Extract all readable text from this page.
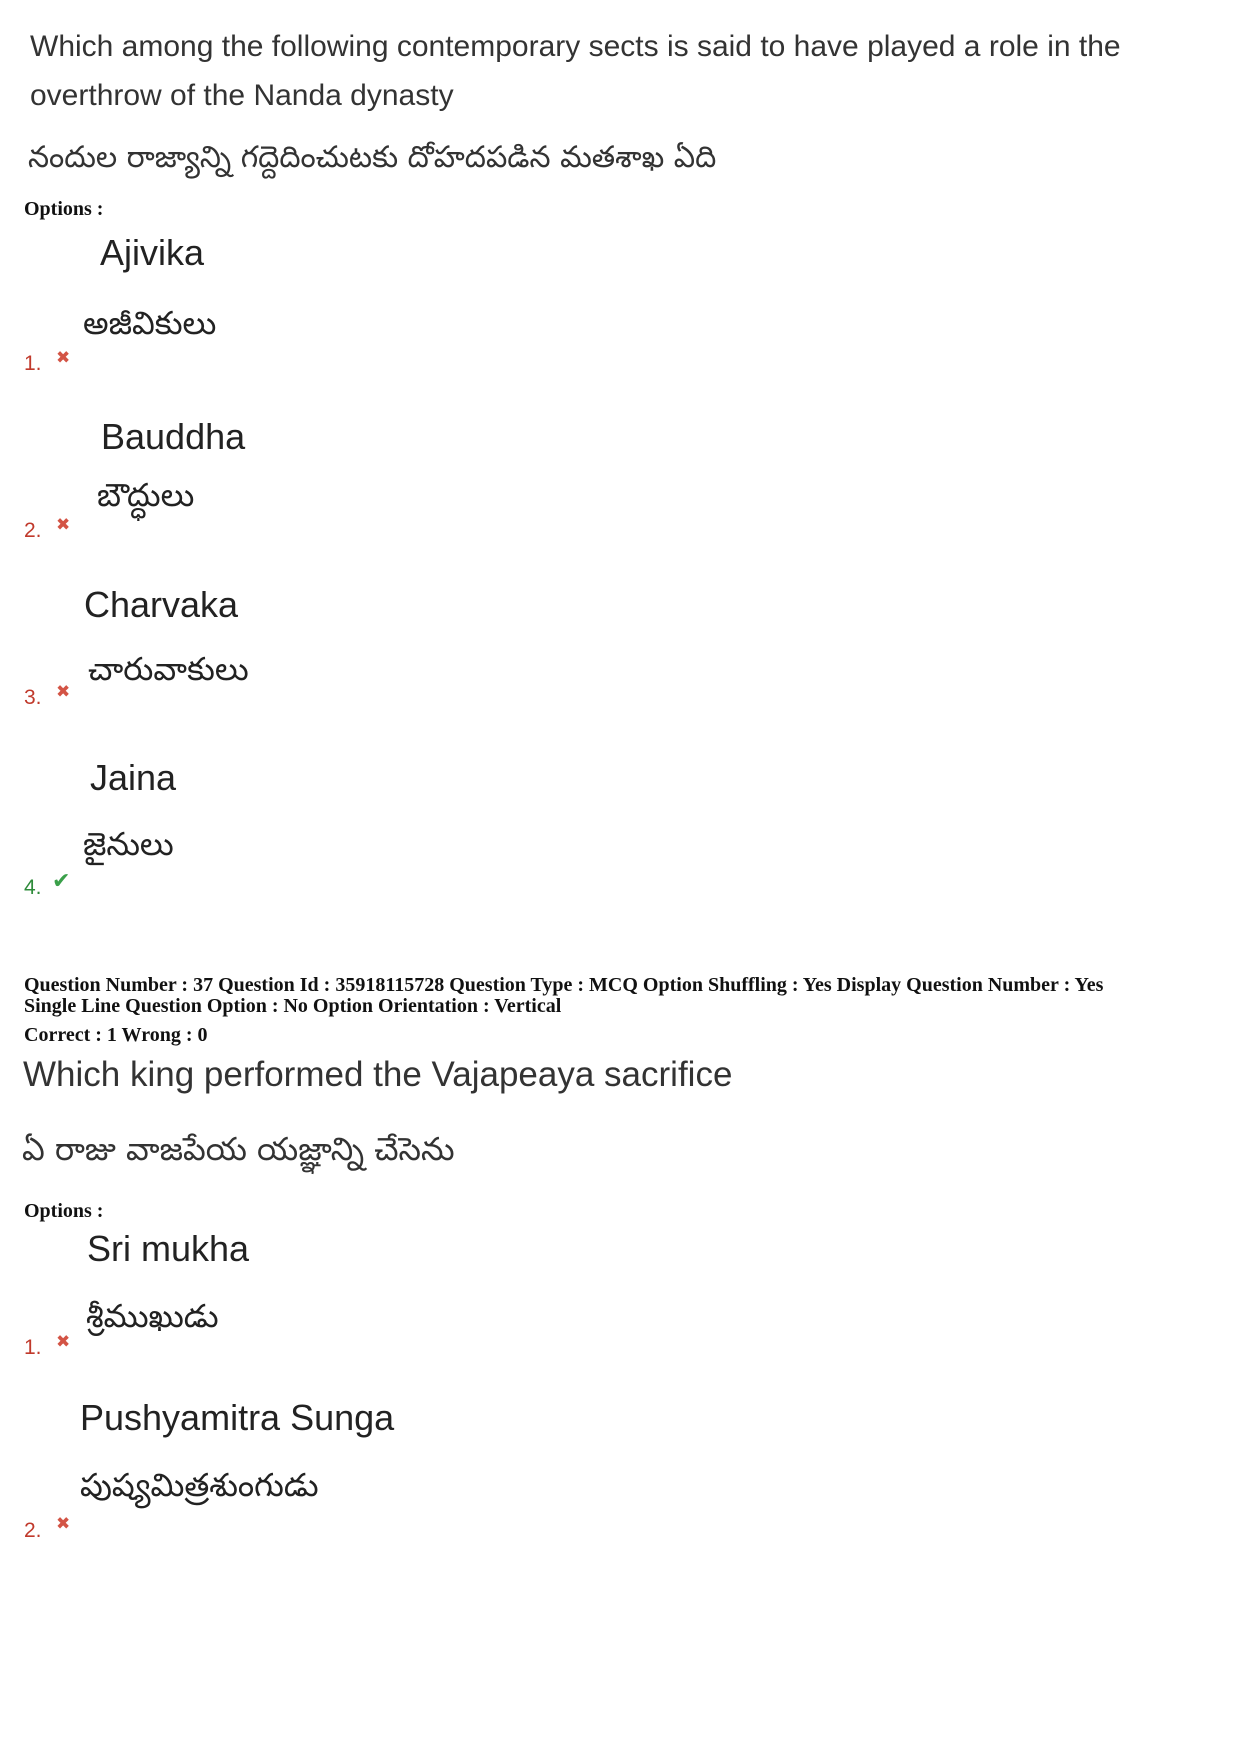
Which among the following contemporary sects is said to have played a role in the
overthrow of the Nanda dynasty
నందుల రాజ్యాన్ని గద్దెదించుటకు దోహదపడిన మతశాఖ ఏది
Options :
Ajivika
అజీవికులు
1. ✖
Bauddha
బౌద్ధులు
2. ✖
Charvaka
చారువాకులు
3. ✖
Jaina
జైనులు
4. ✔
Question Number : 37 Question Id : 35918115728 Question Type : MCQ Option Shuffling : Yes Display Question Number : Yes
Single Line Question Option : No Option Orientation : Vertical
Correct : 1 Wrong : 0
Which king performed the Vajapeaya sacrifice
ఏ రాజు వాజపేయ యజ్ఞాన్ని చేసెను
Options :
Sri mukha
శ్రీముఖుడు
1. ✖
Pushyamitra Sunga
పుష్యమిత్రశుంగుడు
2. ✖
